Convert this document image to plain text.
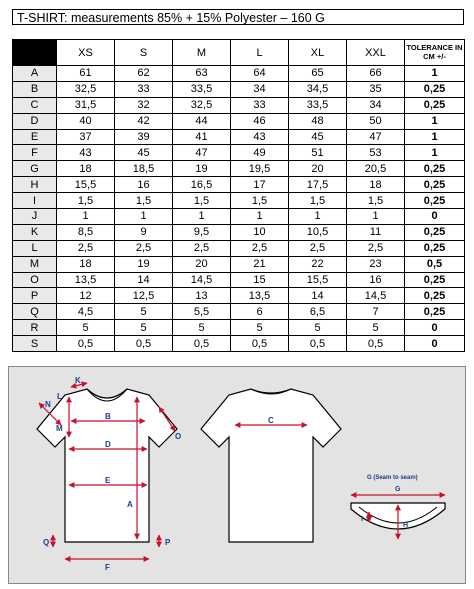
T-SHIRT: measurements 85% + 15% Polyester – 160 G
	XS	S	M	L	XL	XXL	TOLERANCE IN CM +/-
A	61	62	63	64	65	66	1
B	32,5	33	33,5	34	34,5	35	0,25
C	31,5	32	32,5	33	33,5	34	0,25
D	40	42	44	46	48	50	1
E	37	39	41	43	45	47	1
F	43	45	47	49	51	53	1
G	18	18,5	19	19,5	20	20,5	0,25
H	15,5	16	16,5	17	17,5	18	0,25
I	1,5	1,5	1,5	1,5	1,5	1,5	0,25
J	1	1	1	1	1	1	0
K	8,5	9	9,5	10	10,5	11	0,25
L	2,5	2,5	2,5	2,5	2,5	2,5	0,25
M	18	19	20	21	22	23	0,5
O	13,5	14	14,5	15	15,5	16	0,25
P	12	12,5	13	13,5	14	14,5	0,25
Q	4,5	5	5,5	6	6,5	7	0,25
R	5	5	5	5	5	5	0
S	0,5	0,5	0,5	0,5	0,5	0,5	0
K
N
L
M
B
O
D
E
A
Q	P
F
C
G (Seam to seam)
G
H
I
